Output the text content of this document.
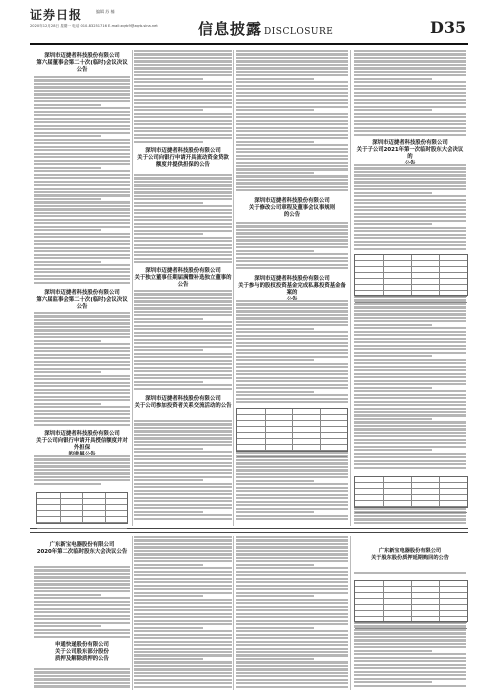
证券日报	编辑 苏 楠
2020年12月28日 星期一 电话 010-83251716 E-mail:zqrb9@zqrb.sina.net	信息披露 DISCLOSURE	D35
深圳市迈捷者科技股份有限公司
第六届董事会第二十次(临时)会议决议公告
深圳市迈捷者科技股份有限公司
第六届监事会第二十次(临时)会议决议公告
深圳市迈捷者科技股份有限公司
关于公司向银行申请开具流动资金贷款
额度并提供担保的公告
深圳市迈捷者科技股份有限公司
关于公司向银行申请开具授信额度并对外担保

深圳市迈捷者科技股份有限公司
关于独立董事任期届满暨补选独立董事的
公告
深圳市迈捷者科技股份有限公司
关于公司参加投资者关系交流活动的公告
深圳市迈捷者科技股份有限公司
关于修改公司章程及董事会议事规则
的公告
深圳市迈捷者科技股份有限公司
关于参与的股权投资基金完成私募投资基金备案的

深圳市迈捷者科技股份有限公司
关于子公司2021年第一次临时股东大会决议的

广东新宝电器股份有限公司
2020年第二次临时股东大会决议公告	广东新宝电器股份有限公司
关于股东股份质押延期购回的公告
申通快递股份有限公司
关于公司股东部分股份
质押及解除质押的公告
